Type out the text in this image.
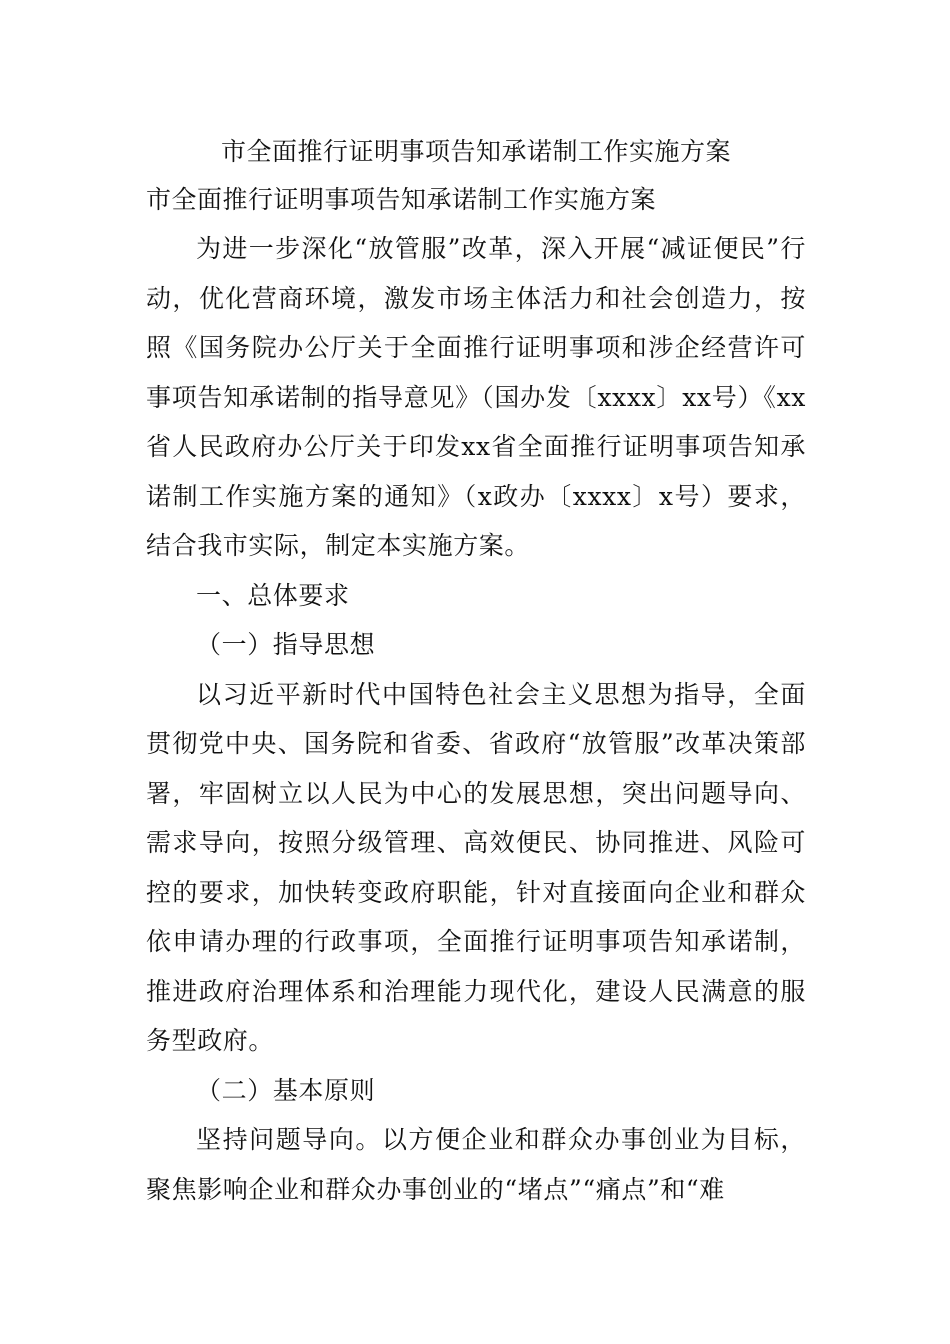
市全面推行证明事项告知承诺制工作实施方案
市全面推行证明事项告知承诺制工作实施方案

为进一步深化“放管服”改革，深入开展“减证便民”行动，优化营商环境，激发市场主体活力和社会创造力，按照《国务院办公厅关于全面推行证明事项和涉企经营许可事项告知承诺制的指导意见》（国办发〔xxxx〕xx号）《xx省人民政府办公厅关于印发xx省全面推行证明事项告知承诺制工作实施方案的通知》（x政办〔xxxx〕x号）要求，结合我市实际，制定本实施方案。

一、总体要求

（一）指导思想

以习近平新时代中国特色社会主义思想为指导，全面贯彻党中央、国务院和省委、省政府“放管服”改革决策部署，牢固树立以人民为中心的发展思想，突出问题导向、需求导向，按照分级管理、高效便民、协同推进、风险可控的要求，加快转变政府职能，针对直接面向企业和群众依申请办理的行政事项，全面推行证明事项告知承诺制，推进政府治理体系和治理能力现代化，建设人民满意的服务型政府。

（二）基本原则

坚持问题导向。以方便企业和群众办事创业为目标，聚焦影响企业和群众办事创业的“堵点”“痛点”和“难
